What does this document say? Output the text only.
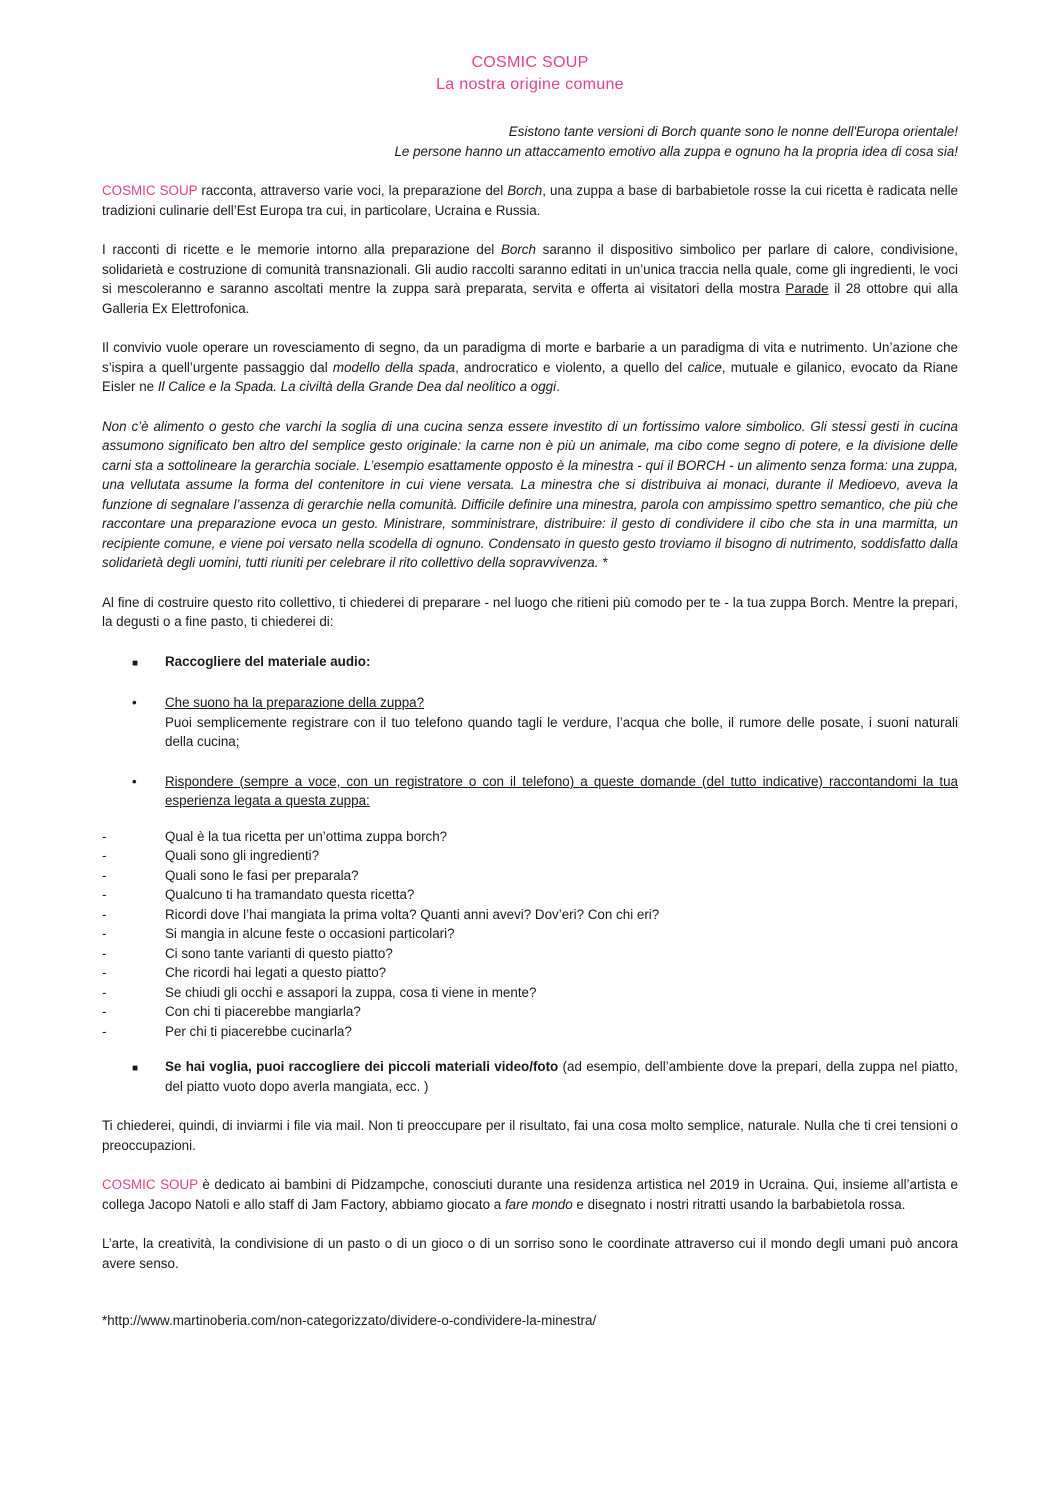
COSMIC SOUP
La nostra origine comune
Esistono tante versioni di Borch quante sono le nonne dell'Europa orientale!
Le persone hanno un attaccamento emotivo alla zuppa e ognuno ha la propria idea di cosa sia!

COSMIC SOUP racconta, attraverso varie voci, la preparazione del Borch, una zuppa a base di barbabietole rosse la cui ricetta è radicata nelle tradizioni culinarie dell’Est Europa tra cui, in particolare, Ucraina e Russia.

I racconti di ricette e le memorie intorno alla preparazione del Borch saranno il dispositivo simbolico per parlare di calore, condivisione, solidarietà e costruzione di comunità transnazionali. Gli audio raccolti saranno editati in un’unica traccia nella quale, come gli ingredienti, le voci si mescoleranno e saranno ascoltati mentre la zuppa sarà preparata, servita e offerta ai visitatori della mostra Parade il 28 ottobre qui alla Galleria Ex Elettrofonica.

Il convivio vuole operare un rovesciamento di segno, da un paradigma di morte e barbarie a un paradigma di vita e nutrimento. Un’azione che s’ispira a quell’urgente passaggio dal modello della spada, androcratico e violento, a quello del calice, mutuale e gilanico, evocato da Riane Eisler ne Il Calice e la Spada. La civiltà della Grande Dea dal neolitico a oggi.

Non c’è alimento o gesto che varchi la soglia di una cucina senza essere investito di un fortissimo valore simbolico. Gli stessi gesti in cucina assumono significato ben altro del semplice gesto originale: la carne non è più un animale, ma cibo come segno di potere, e la divisione delle carni sta a sottolineare la gerarchia sociale. L’esempio esattamente opposto è la minestra - qui il BORCH - un alimento senza forma: una zuppa, una vellutata assume la forma del contenitore in cui viene versata. La minestra che si distribuiva ai monaci, durante il Medioevo, aveva la funzione di segnalare l’assenza di gerarchie nella comunità. Difficile definire una minestra, parola con ampissimo spettro semantico, che più che raccontare una preparazione evoca un gesto. Ministrare, somministrare, distribuire: il gesto di condividere il cibo che sta in una marmitta, un recipiente comune, e viene poi versato nella scodella di ognuno. Condensato in questo gesto troviamo il bisogno di nutrimento, soddisfatto dalla solidarietà degli uomini, tutti riuniti per celebrare il rito collettivo della sopravvivenza. *

Al fine di costruire questo rito collettivo, ti chiederei di preparare - nel luogo che ritieni più comodo per te - la tua zuppa Borch. Mentre la prepari, la degusti o a fine pasto, ti chiederei di:

■	Raccogliere del materiale audio:
•	Che suono ha la preparazione della zuppa?
Puoi semplicemente registrare con il tuo telefono quando tagli le verdure, l’acqua che bolle, il rumore delle posate, i suoni naturali della cucina;
•	Rispondere (sempre a voce, con un registratore o con il telefono) a queste domande (del tutto indicative) raccontandomi la tua esperienza legata a questa zuppa:
-	Qual è la tua ricetta per un’ottima zuppa borch?
-	Quali sono gli ingredienti?
-	Quali sono le fasi per preparala?
-	Qualcuno ti ha tramandato questa ricetta?
-	Ricordi dove l’hai mangiata la prima volta? Quanti anni avevi? Dov’eri? Con chi eri?
-	Si mangia in alcune feste o occasioni particolari?
-	Ci sono tante varianti di questo piatto?
-	Che ricordi hai legati a questo piatto?
-	Se chiudi gli occhi e assapori la zuppa, cosa ti viene in mente?
-	Con chi ti piacerebbe mangiarla?
-	Per chi ti piacerebbe cucinarla?
■	Se hai voglia, puoi raccogliere dei piccoli materiali video/foto (ad esempio, dell’ambiente dove la prepari, della zuppa nel piatto, del piatto vuoto dopo averla mangiata, ecc. )

Ti chiederei, quindi, di inviarmi i file via mail. Non ti preoccupare per il risultato, fai una cosa molto semplice, naturale. Nulla che ti crei tensioni o preoccupazioni.

COSMIC SOUP è dedicato ai bambini di Pidzampche, conosciuti durante una residenza artistica nel 2019 in Ucraina. Qui, insieme all’artista e collega Jacopo Natoli e allo staff di Jam Factory, abbiamo giocato a fare mondo e disegnato i nostri ritratti usando la barbabietola rossa.

L’arte, la creatività, la condivisione di un pasto o di un gioco o di un sorriso sono le coordinate attraverso cui il mondo degli umani può ancora avere senso.

*http://www.martinoberia.com/non-categorizzato/dividere-o-condividere-la-minestra/
